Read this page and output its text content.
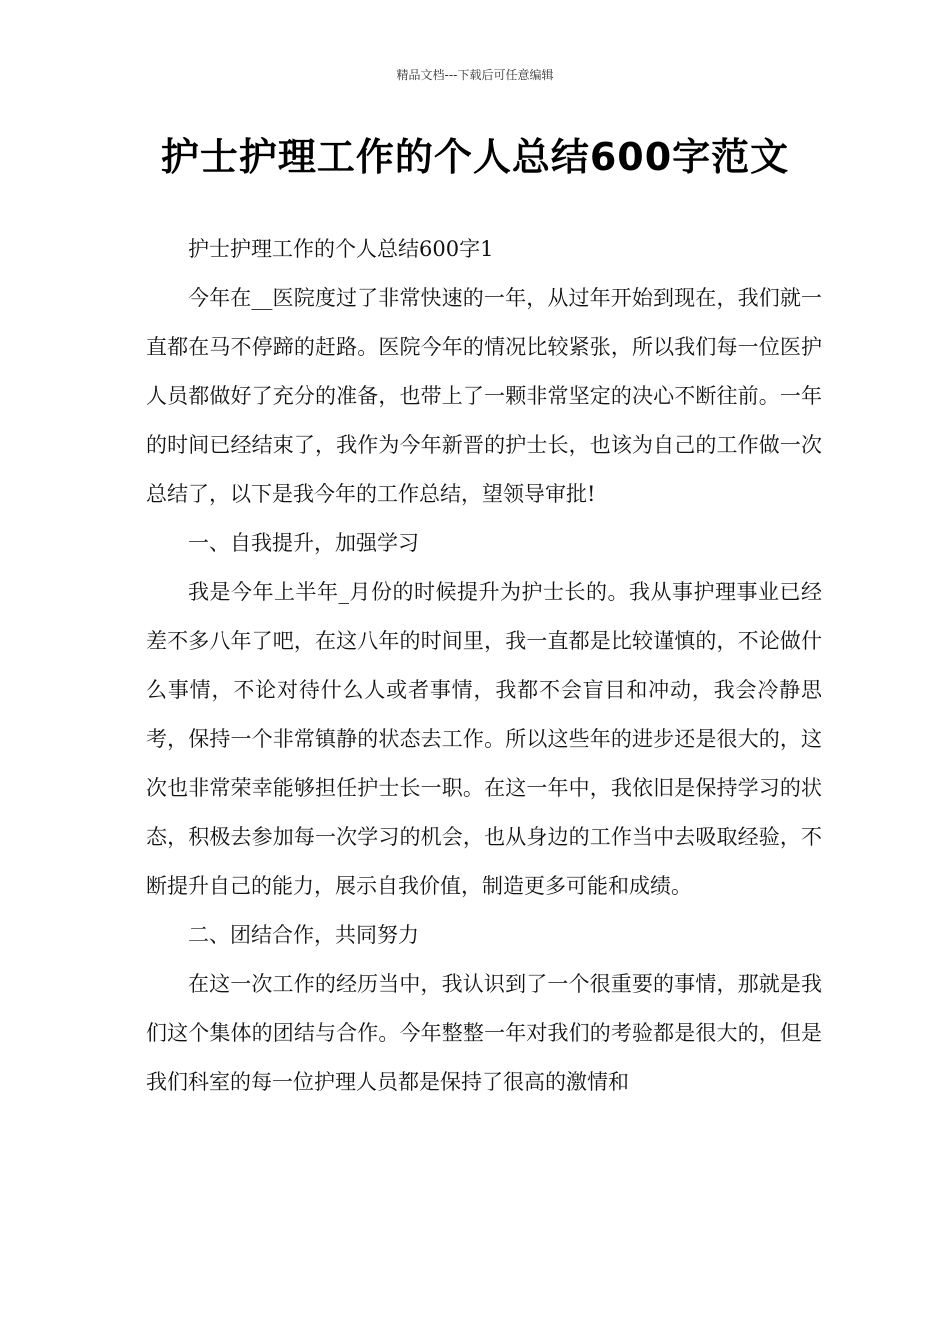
精品文档---下载后可任意编辑
护士护理工作的个人总结600字范文

护士护理工作的个人总结600字1

今年在__医院度过了非常快速的一年，从过年开始到现在，我们就一直都在马不停蹄的赶路。医院今年的情况比较紧张，所以我们每一位医护人员都做好了充分的准备，也带上了一颗非常坚定的决心不断往前。一年的时间已经结束了，我作为今年新晋的护士长，也该为自己的工作做一次总结了，以下是我今年的工作总结，望领导审批!

一、自我提升，加强学习

我是今年上半年_月份的时候提升为护士长的。我从事护理事业已经差不多八年了吧，在这八年的时间里，我一直都是比较谨慎的，不论做什么事情，不论对待什么人或者事情，我都不会盲目和冲动，我会冷静思考，保持一个非常镇静的状态去工作。所以这些年的进步还是很大的，这次也非常荣幸能够担任护士长一职。在这一年中，我依旧是保持学习的状态，积极去参加每一次学习的机会，也从身边的工作当中去吸取经验，不断提升自己的能力，展示自我价值，制造更多可能和成绩。

二、团结合作，共同努力

在这一次工作的经历当中，我认识到了一个很重要的事情，那就是我们这个集体的团结与合作。今年整整一年对我们的考验都是很大的，但是我们科室的每一位护理人员都是保持了很高的激情和
